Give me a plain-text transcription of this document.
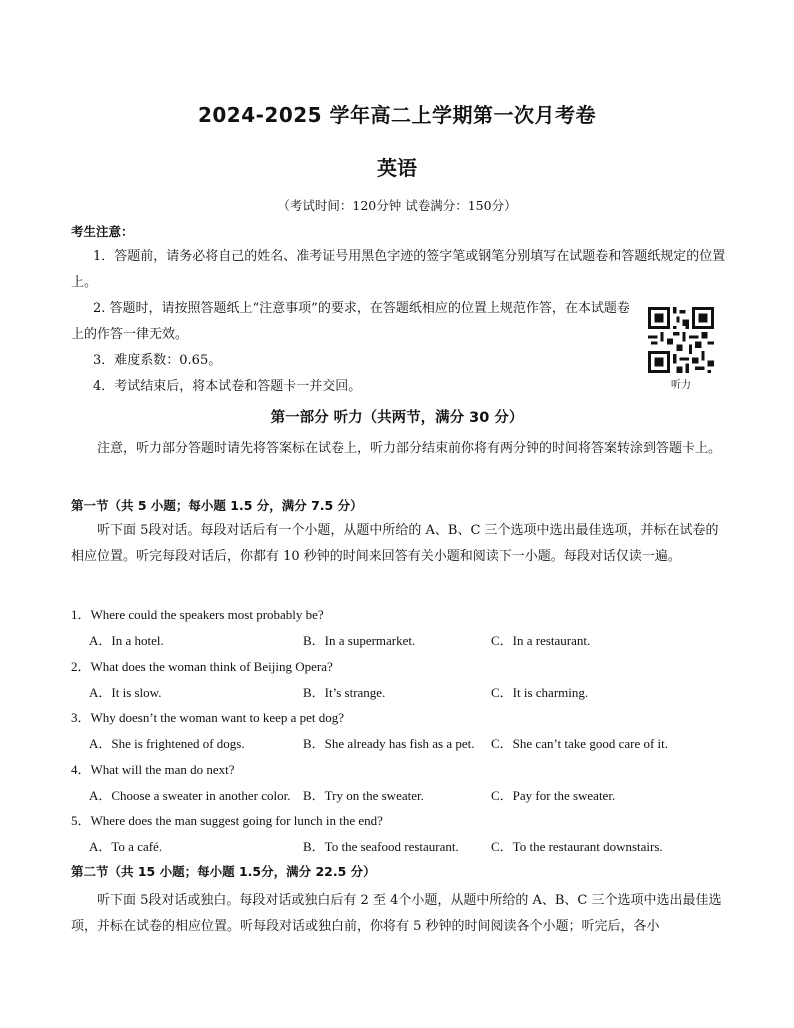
2024-2025 学年高二上学期第一次月考卷
英语
（考试时间：120分钟 试卷满分：150分）
考生注意：
1．答题前，请务必将自己的姓名、准考证号用黑色字迹的签字笔或钢笔分别填写在试题卷和答题纸规定的位置上。
2. 答题时，请按照答题纸上“注意事项”的要求，在答题纸相应的位置上规范作答，在本试题卷上的作答一律无效。
3．难度系数：0.65。
4．考试结束后，将本试卷和答题卡一并交回。	听力
第一部分 听力（共两节，满分 30 分）
注意，听力部分答题时请先将答案标在试卷上，听力部分结束前你将有两分钟的时间将答案转涂到答题卡上。
第一节（共 5 小题；每小题 1.5 分，满分 7.5 分）
听下面 5段对话。每段对话后有一个小题，从题中所给的 A、B、C 三个选项中选出最佳选项，并标在试卷的相应位置。听完每段对话后，你都有 10 秒钟的时间来回答有关小题和阅读下一小题。每段对话仅读一遍。
1．Where could the speakers most probably be?
A．In a hotel.	B．In a supermarket.	C．In a restaurant.
2．What does the woman think of Beijing Opera?
A．It is slow.	B．It’s strange.	C．It is charming.
3．Why doesn’t the woman want to keep a pet dog?
A．She is frightened of dogs.	B．She already has fish as a pet. C．She can’t take good care of it.
4．What will the man do next?
A．Choose a sweater in another color. B．Try on the sweater.	C．Pay for the sweater.
5．Where does the man suggest going for lunch in the end?
A．To a café.	B．To the seafood restaurant. C．To the restaurant downstairs.
第二节（共 15 小题；每小题 1.5分，满分 22.5 分）
听下面 5段对话或独白。每段对话或独白后有 2 至 4个小题，从题中所给的 A、B、C 三个选项中选出最佳选项，并标在试卷的相应位置。听每段对话或独白前，你将有 5 秒钟的时间阅读各个小题；听完后，各小
